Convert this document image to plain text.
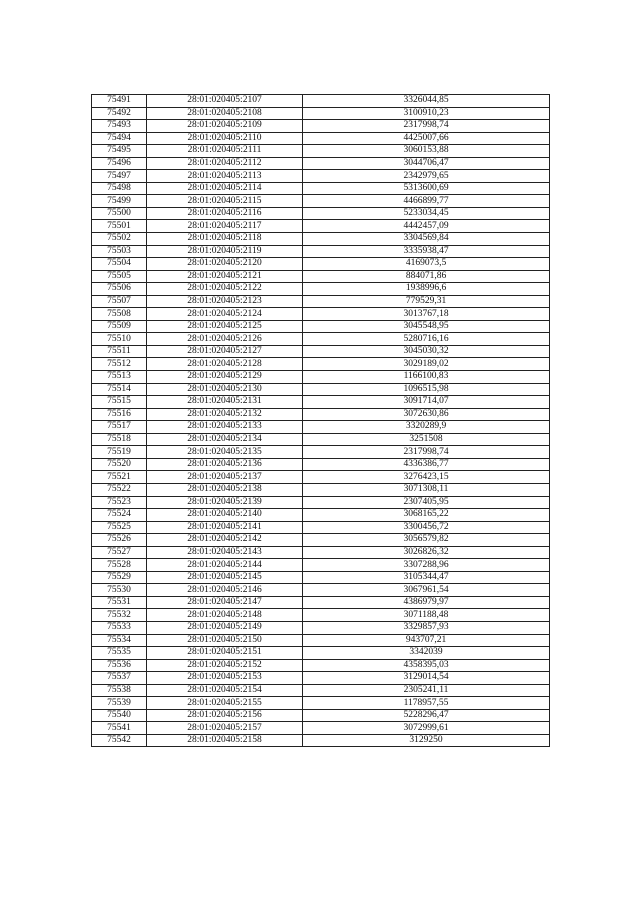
75491	28:01:020405:2107	3326044,85
75492	28:01:020405:2108	3100910,23
75493	28:01:020405:2109	2317998,74
75494	28:01:020405:2110	4425007,66
75495	28:01:020405:2111	3060153,88
75496	28:01:020405:2112	3044706,47
75497	28:01:020405:2113	2342979,65
75498	28:01:020405:2114	5313600,69
75499	28:01:020405:2115	4466899,77
75500	28:01:020405:2116	5233034,45
75501	28:01:020405:2117	4442457,09
75502	28:01:020405:2118	3304569,84
75503	28:01:020405:2119	3335938,47
75504	28:01:020405:2120	4169073,5
75505	28:01:020405:2121	884071,86
75506	28:01:020405:2122	1938996,6
75507	28:01:020405:2123	779529,31
75508	28:01:020405:2124	3013767,18
75509	28:01:020405:2125	3045548,95
75510	28:01:020405:2126	5280716,16
75511	28:01:020405:2127	3045030,32
75512	28:01:020405:2128	3029189,02
75513	28:01:020405:2129	1166100,83
75514	28:01:020405:2130	1096515,98
75515	28:01:020405:2131	3091714,07
75516	28:01:020405:2132	3072630,86
75517	28:01:020405:2133	3320289,9
75518	28:01:020405:2134	3251508
75519	28:01:020405:2135	2317998,74
75520	28:01:020405:2136	4336386,77
75521	28:01:020405:2137	3276423,15
75522	28:01:020405:2138	3071308,11
75523	28:01:020405:2139	2307405,95
75524	28:01:020405:2140	3068165,22
75525	28:01:020405:2141	3300456,72
75526	28:01:020405:2142	3056579,82
75527	28:01:020405:2143	3026826,32
75528	28:01:020405:2144	3307288,96
75529	28:01:020405:2145	3105344,47
75530	28:01:020405:2146	3067961,54
75531	28:01:020405:2147	4386979,97
75532	28:01:020405:2148	3071188,48
75533	28:01:020405:2149	3329857,93
75534	28:01:020405:2150	943707,21
75535	28:01:020405:2151	3342039
75536	28:01:020405:2152	4358395,03
75537	28:01:020405:2153	3129014,54
75538	28:01:020405:2154	2305241,11
75539	28:01:020405:2155	1178957,55
75540	28:01:020405:2156	5228296,47
75541	28:01:020405:2157	3072999,61
75542	28:01:020405:2158	3129250
